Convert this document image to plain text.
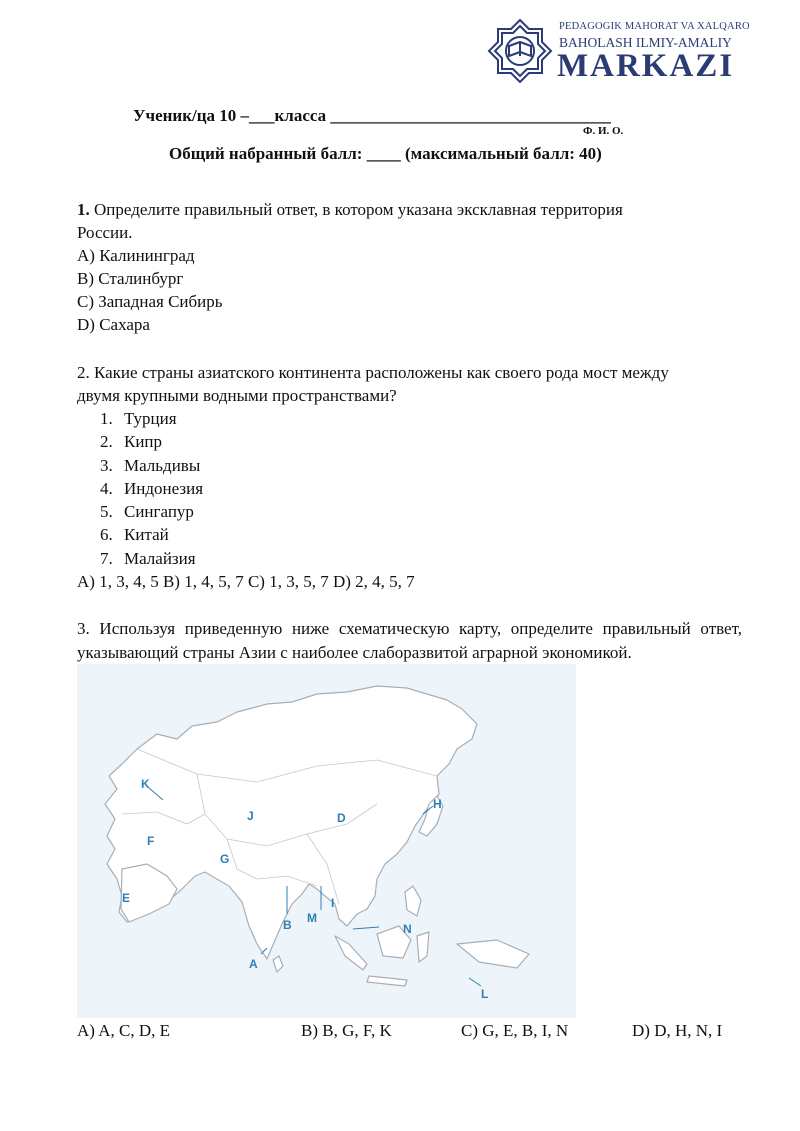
PEDAGOGIK MAHORAT VA XALQARO
BAHOLASH ILMIY-AMALIY
MARKAZI
Ученик/ца 10 –___класса _________________________________
Ф. И. О.
Общий набранный балл: ____ (максимальный балл: 40)
1. Определите правильный ответ, в котором указана эксклавная территория
России.
A) Калининград
B) Сталинбург
C) Западная Сибирь
D) Сахара
2. Какие страны азиатского континента расположены как своего рода мост между
двумя крупными водными пространствами?
1. Турция
2. Кипр
3. Мальдивы
4. Индонезия
5. Сингапур
6. Китай
7. Малайзия
A) 1, 3, 4, 5 B) 1, 4, 5, 7 C) 1, 3, 5, 7 D) 2, 4, 5, 7
3. Используя приведенную ниже схематическую карту, определите правильный ответ, указывающий страны Азии с наиболее слаборазвитой аграрной экономикой.
K
J	D
H
F
G
E
B M
I
N
A
L
A) A, C, D, E	B) B, G, F, K	C) G, E, B, I, N	D) D, H, N, I
